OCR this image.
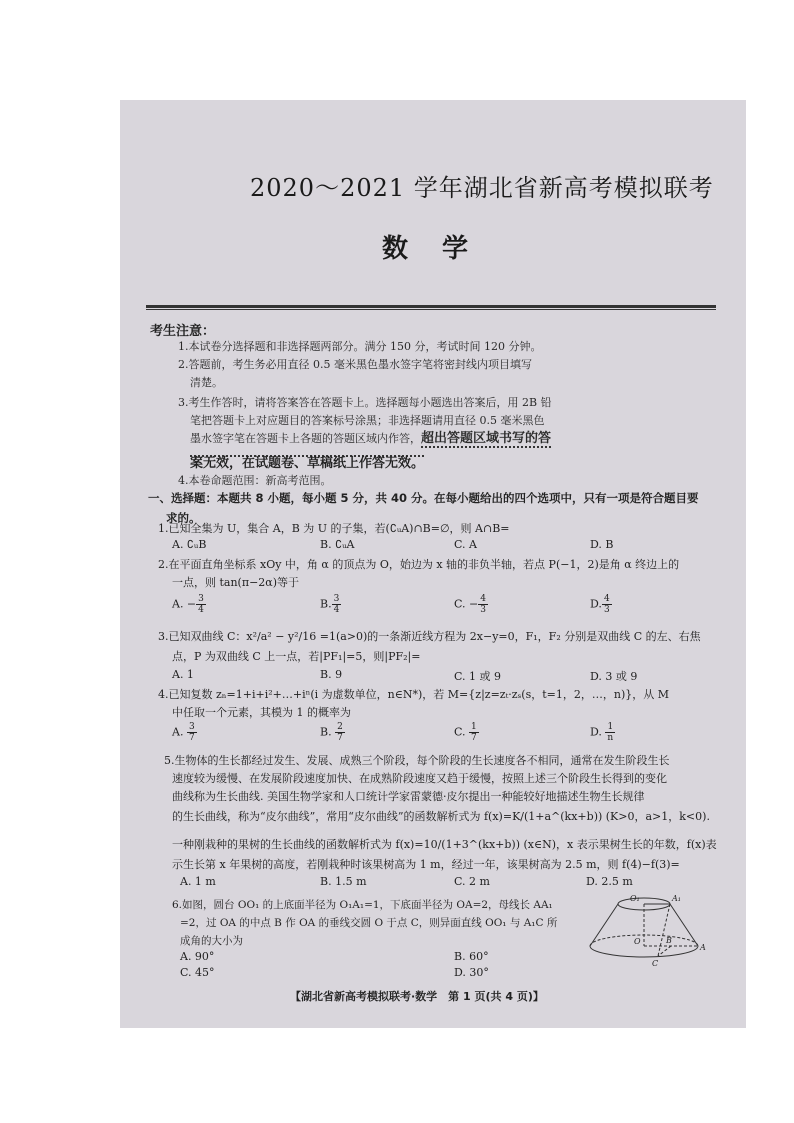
2020～2021 学年湖北省新高考模拟联考
数学
考生注意：
1.本试卷分选择题和非选择题两部分。满分 150 分，考试时间 120 分钟。
2.答题前，考生务必用直径 0.5 毫米黑色墨水签字笔将密封线内项目填写
清楚。
3.考生作答时，请将答案答在答题卡上。选择题每小题选出答案后，用 2B 铅
笔把答题卡上对应题目的答案标号涂黑；非选择题请用直径 0.5 毫米黑色
墨水签字笔在答题卡上各题的答题区域内作答，超出答题区域书写的答
案无效，在试题卷、草稿纸上作答无效。
4.本卷命题范围：新高考范围。
一、选择题：本题共 8 小题，每小题 5 分，共 40 分。在每小题给出的四个选项中，只有一项是符合题目要
求的。
1.已知全集为 U，集合 A，B 为 U 的子集，若(∁ᵤA)∩B=∅，则 A∩B=
A. ∁ᵤB	B. ∁ᵤA	C. A	D. B
2.在平面直角坐标系 xOy 中，角 α 的顶点为 O，始边为 x 轴的非负半轴，若点 P(−1，2)是角 α 终边上的
一点，则 tan(π−2α)等于
A. − $\frac{3}{4}$	B. $\frac{3}{4}$	C. − $\frac{4}{3}$	D. $\frac{4}{3}$
3.已知双曲线 C：x²/a² − y²/16 =1(a>0)的一条渐近线方程为 2x−y=0，F₁，F₂ 分别是双曲线 C 的左、右焦
点，P 为双曲线 C 上一点，若|PF₁|=5，则|PF₂|=
A. 1	B. 9	C. 1 或 9	D. 3 或 9
4.已知复数 zₙ=1+i+i²+…+iⁿ(i 为虚数单位，n∈N*)，若 M={z|z=zₜ·zₛ(s，t=1，2，…，n)}，从 M
中任取一个元素，其模为 1 的概率为
A. $\frac{3}{7}$	B. $\frac{2}{7}$	C. $\frac{1}{7}$	D. $\frac{1}{n}$
5.生物体的生长都经过发生、发展、成熟三个阶段，每个阶段的生长速度各不相同，通常在发生阶段生长
速度较为缓慢、在发展阶段速度加快、在成熟阶段速度又趋于缓慢，按照上述三个阶段生长得到的变化
曲线称为生长曲线. 美国生物学家和人口统计学家雷蒙德·皮尔提出一种能较好地描述生物生长规律
的生长曲线，称为“皮尔曲线”，常用“皮尔曲线”的函数解析式为 f(x)=K/(1+a^(kx+b)) (K>0，a>1，k<0).
一种刚栽种的果树的生长曲线的函数解析式为 f(x)=10/(1+3^(kx+b)) (x∈N)，x 表示果树生长的年数，f(x)表
示生长第 x 年果树的高度，若刚栽种时该果树高为 1 m，经过一年，该果树高为 2.5 m，则 f(4)−f(3)=
A. 1 m	B. 1.5 m	C. 2 m	D. 2.5 m
6.如图，圆台 OO₁ 的上底面半径为 O₁A₁=1，下底面半径为 OA=2，母线长 AA₁
=2，过 OA 的中点 B 作 OA 的垂线交圆 O 于点 C，则异面直线 OO₁ 与 A₁C 所
成角的大小为
A. 90°	B. 60°
C. 45°	D. 30°
O₁	A₁
O	B
A
C
【湖北省新高考模拟联考·数学　第 1 页(共 4 页)】
